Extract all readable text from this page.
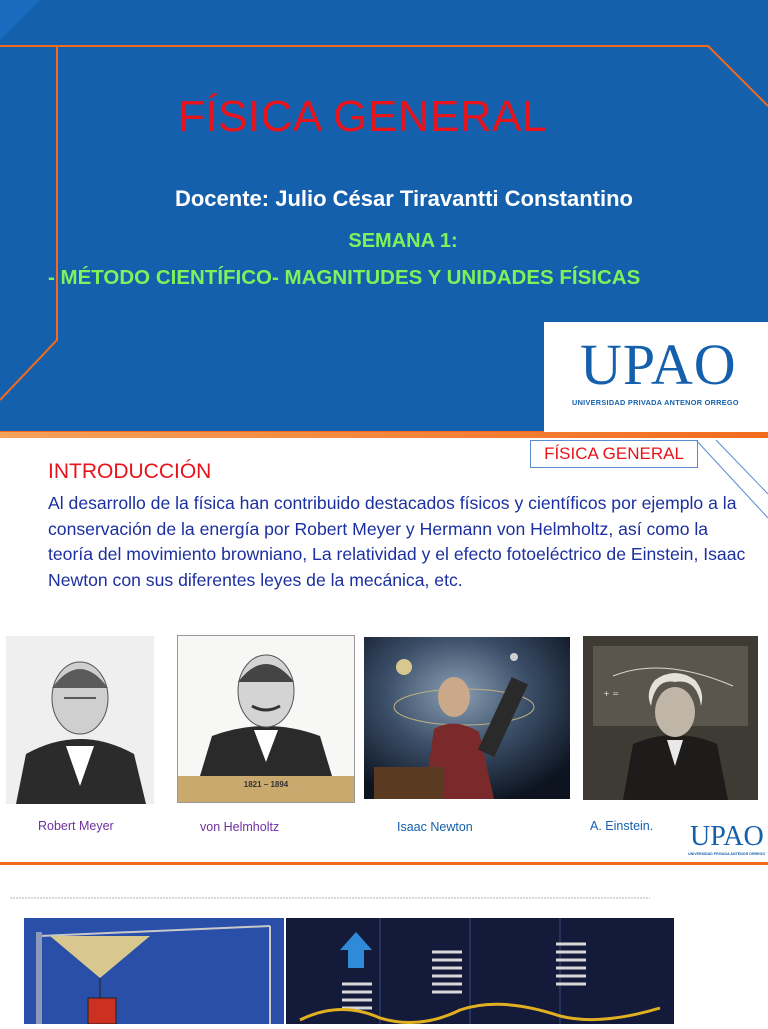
FÍSICA GENERAL
Docente: Julio César Tiravantti Constantino
SEMANA 1:
- MÉTODO CIENTÍFICO- MAGNITUDES Y UNIDADES FÍSICAS
UPAO
UNIVERSIDAD PRIVADA ANTENOR ORREGO
FÍSICA GENERAL
INTRODUCCIÓN
Al desarrollo de la física han contribuido destacados físicos y científicos por ejemplo a la conservación de la energía por Robert Meyer y Hermann von Helmholtz, así como la teoría del movimiento browniano, La relatividad y el efecto fotoeléctrico de Einstein, Isaac Newton con sus diferentes leyes de la mecánica, etc.
1821 – 1894
+ =
Robert Meyer	von Helmholtz	Isaac Newton	A. Einstein. UPAO
UNIVERSIDAD PRIVADA ANTENOR ORREGO
